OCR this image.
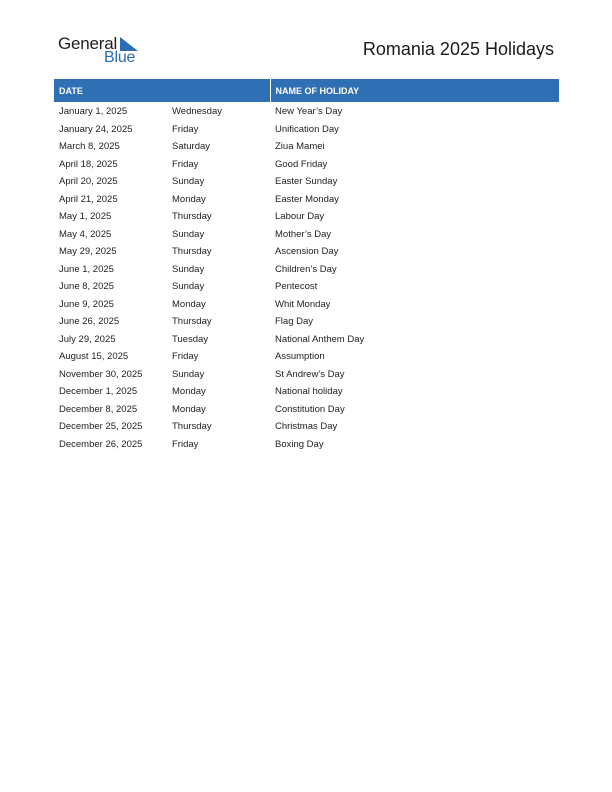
General
Blue	Romania 2025 Holidays
DATE		NAME OF HOLIDAY
January 1, 2025	Wednesday	New Year’s Day
January 24, 2025	Friday	Unification Day
March 8, 2025	Saturday	Ziua Mamei
April 18, 2025	Friday	Good Friday
April 20, 2025	Sunday	Easter Sunday
April 21, 2025	Monday	Easter Monday
May 1, 2025	Thursday	Labour Day
May 4, 2025	Sunday	Mother’s Day
May 29, 2025	Thursday	Ascension Day
June 1, 2025	Sunday	Children’s Day
June 8, 2025	Sunday	Pentecost
June 9, 2025	Monday	Whit Monday
June 26, 2025	Thursday	Flag Day
July 29, 2025	Tuesday	National Anthem Day
August 15, 2025	Friday	Assumption
November 30, 2025	Sunday	St Andrew’s Day
December 1, 2025	Monday	National holiday
December 8, 2025	Monday	Constitution Day
December 25, 2025	Thursday	Christmas Day
December 26, 2025	Friday	Boxing Day
